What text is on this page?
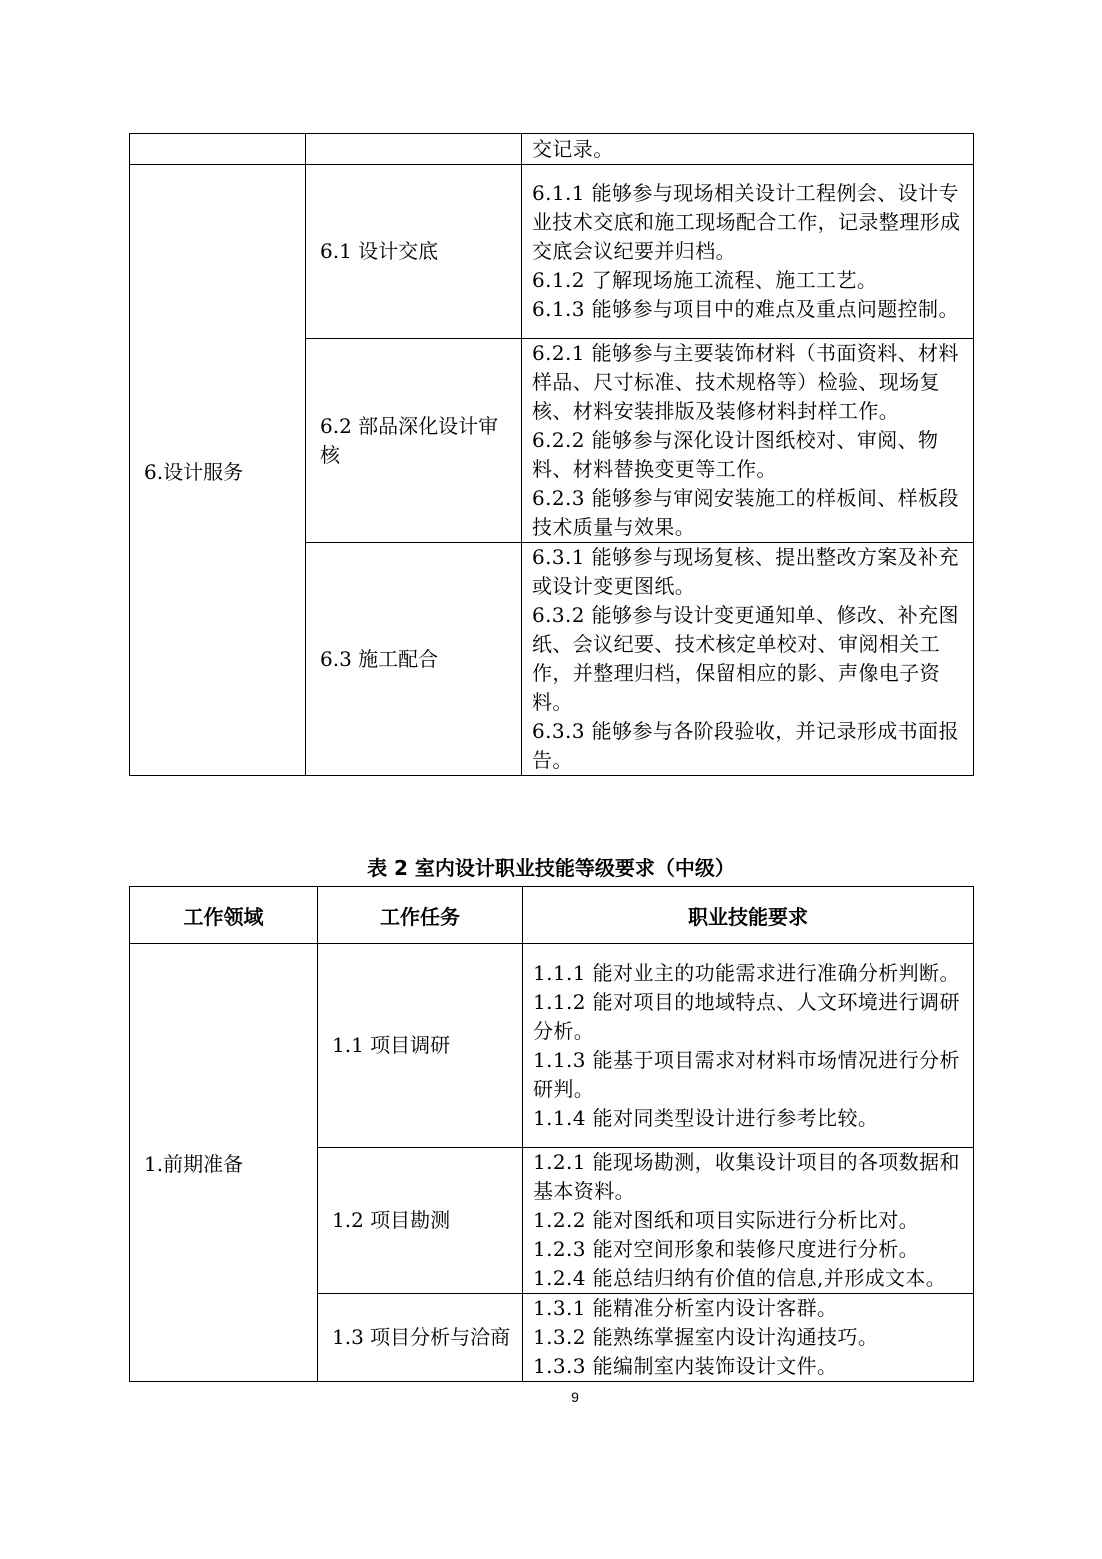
		交记录。

6.设计服务	6.1 设计交底	6.1.1 能够参与现场相关设计工程例会、设计专业技术交底和施工现场配合工作，记录整理形成交底会议纪要并归档。
6.1.2 了解现场施工流程、施工工艺。
6.1.3 能够参与项目中的难点及重点问题控制。

	6.2 部品深化设计审核	6.2.1 能够参与主要装饰材料（书面资料、材料样品、尺寸标准、技术规格等）检验、现场复核、材料安装排版及装修材料封样工作。
6.2.2 能够参与深化设计图纸校对、审阅、物料、材料替换变更等工作。
6.2.3 能够参与审阅安装施工的样板间、样板段技术质量与效果。

	6.3 施工配合	6.3.1 能够参与现场复核、提出整改方案及补充或设计变更图纸。
6.3.2 能够参与设计变更通知单、修改、补充图纸、会议纪要、技术核定单校对、审阅相关工作，并整理归档，保留相应的影、声像电子资料。
6.3.3 能够参与各阶段验收，并记录形成书面报告。
表 2 室内设计职业技能等级要求（中级）
工作领域	工作任务	职业技能要求
1.前期准备	1.1 项目调研	1.1.1 能对业主的功能需求进行准确分析判断。
1.1.2 能对项目的地域特点、人文环境进行调研分析。
1.1.3 能基于项目需求对材料市场情况进行分析研判。
1.1.4 能对同类型设计进行参考比较。

	1.2 项目勘测	1.2.1 能现场勘测，收集设计项目的各项数据和基本资料。
1.2.2 能对图纸和项目实际进行分析比对。
1.2.3 能对空间形象和装修尺度进行分析。
1.2.4 能总结归纳有价值的信息,并形成文本。

	1.3 项目分析与洽商	1.3.1 能精准分析室内设计客群。
1.3.2 能熟练掌握室内设计沟通技巧。
1.3.3 能编制室内装饰设计文件。
9
